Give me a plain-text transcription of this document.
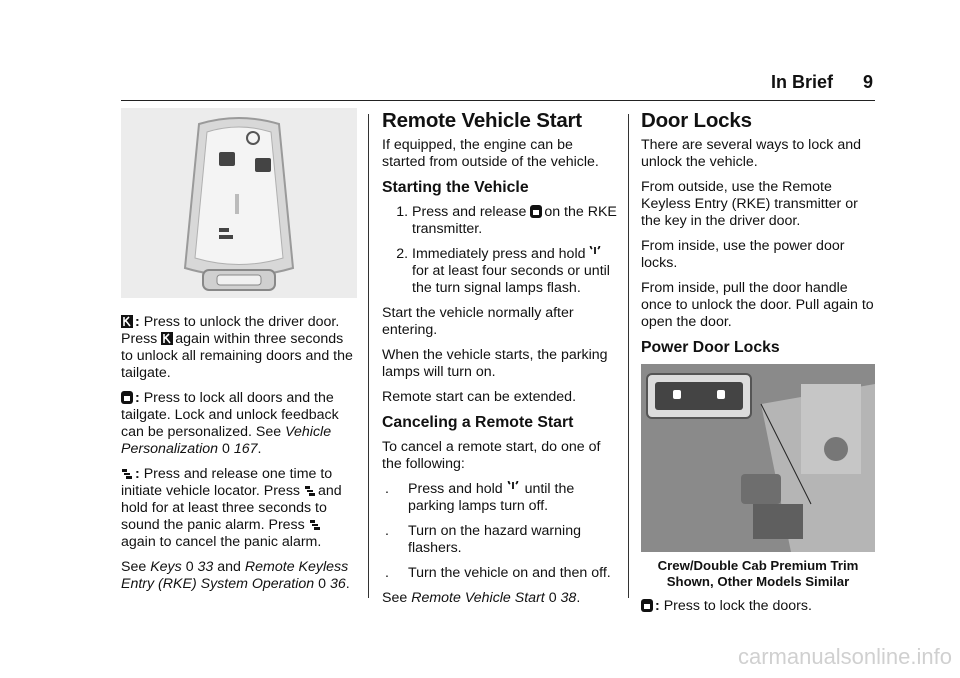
In Brief 9

: Press to unlock the driver door.
Press again within three seconds to unlock all remaining doors and the tailgate.

: Press to lock all doors and the tailgate. Lock and unlock feedback can be personalized. See Vehicle Personalization 0 167.

: Press and release one time to initiate vehicle locator. Press and hold for at least three seconds to sound the panic alarm. Press
again to cancel the panic alarm.

See Keys 0 33 and Remote Keyless Entry (RKE) System Operation 0 36.

Remote Vehicle Start

If equipped, the engine can be started from outside of the vehicle.

Starting the Vehicle
1. Press and release on the RKE transmitter.
2. Immediately press and hold  for at least four seconds or until the turn signal lamps flash.

Start the vehicle normally after entering.

When the vehicle starts, the parking lamps will turn on.

Remote start can be extended.

Canceling a Remote Start

To cancel a remote start, do one of the following:

. Press and hold until the parking lamps turn off.
. Turn on the hazard warning flashers.
. Turn the vehicle on and then off.

See Remote Vehicle Start 0 38.

Door Locks

There are several ways to lock and unlock the vehicle.

From outside, use the Remote Keyless Entry (RKE) transmitter or the key in the driver door.

From inside, use the power door locks.

From inside, pull the door handle once to unlock the door. Pull again to open the door.

Power Door Locks
Crew/Double Cab Premium Trim Shown, Other Models Similar

: Press to lock the doors.

carmanualsonline.info
